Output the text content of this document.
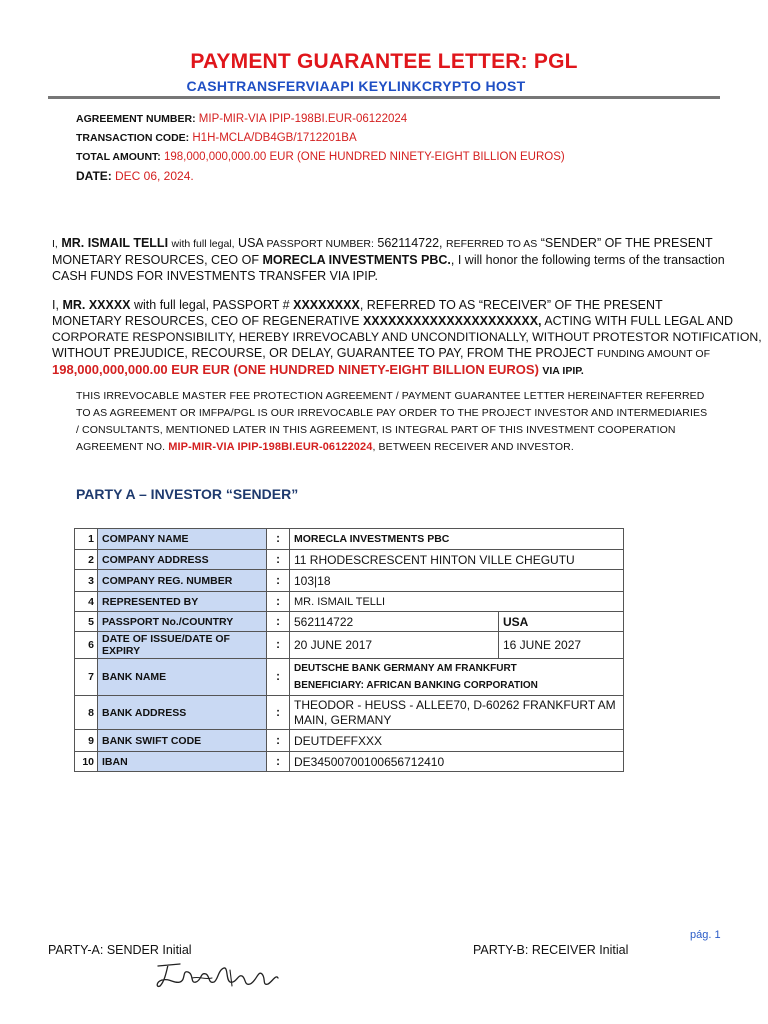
PAYMENT GUARANTEE LETTER: PGL
CASHTRANSFERVIAAPI KEYLINKCRYPTO HOST
AGREEMENT NUMBER: MIP-MIR-VIA IPIP-198BI.EUR-06122024
TRANSACTION CODE: H1H-MCLA/DB4GB/1712201BA
TOTAL AMOUNT: 198,000,000,000.00 EUR (ONE HUNDRED NINETY-EIGHT BILLION EUROS)
DATE: DEC 06, 2024.
I, MR. ISMAIL TELLI with full legal, USA PASSPORT NUMBER: 562114722, REFERRED TO AS “SENDER” OF THE PRESENT
MONETARY RESOURCES, CEO OF MORECLA INVESTMENTS PBC., I will honor the following terms of the transaction
CASH FUNDS FOR INVESTMENTS TRANSFER VIA IPIP.
I, MR. XXXXX with full legal, PASSPORT # XXXXXXXX, REFERRED TO AS “RECEIVER” OF THE PRESENT
MONETARY RESOURCES, CEO OF REGENERATIVE XXXXXXXXXXXXXXXXXXXXX, ACTING WITH FULL LEGAL AND
CORPORATE RESPONSIBILITY, HEREBY IRREVOCABLY AND UNCONDITIONALLY, WITHOUT PROTESTOR NOTIFICATION,
WITHOUT PREJUDICE, RECOURSE, OR DELAY, GUARANTEE TO PAY, FROM THE PROJECT FUNDING AMOUNT OF
198,000,000,000.00 EUR EUR (ONE HUNDRED NINETY-EIGHT BILLION EUROS) VIA IPIP.
THIS IRREVOCABLE MASTER FEE PROTECTION AGREEMENT / PAYMENT GUARANTEE LETTER HEREINAFTER REFERRED
TO AS AGREEMENT OR IMFPA/PGL IS OUR IRREVOCABLE PAY ORDER TO THE PROJECT INVESTOR AND INTERMEDIARIES
/ CONSULTANTS, MENTIONED LATER IN THIS AGREEMENT, IS INTEGRAL PART OF THIS INVESTMENT COOPERATION
AGREEMENT NO. MIP-MIR-VIA IPIP-198BI.EUR-06122024, BETWEEN RECEIVER AND INVESTOR.
PARTY A – INVESTOR “SENDER”
1	COMPANY NAME	:	MORECLA INVESTMENTS PBC	
2	COMPANY ADDRESS	:	11 RHODESCRESCENT HINTON VILLE CHEGUTU	
3	COMPANY REG. NUMBER	:	103|18	
4	REPRESENTED BY	:	MR. ISMAIL TELLI	
5	PASSPORT No./COUNTRY	:	562114722	USA
6	DATE OF ISSUE/DATE OF EXPIRY	:	20 JUNE 2017	16 JUNE 2027
7	BANK NAME	:	DEUTSCHE BANK GERMANY AM FRANKFURT
BENEFICIARY: AFRICAN BANKING CORPORATION	

8	BANK ADDRESS	:	THEODOR - HEUSS - ALLEE70, D-60262 FRANKFURT AM
MAIN, GERMANY	

9	BANK SWIFT CODE	:	DEUTDEFFXXX	
10	IBAN	:	DE34500700100656712410	
pág. 1
PARTY-A: SENDER Initial	PARTY-B: RECEIVER Initial
